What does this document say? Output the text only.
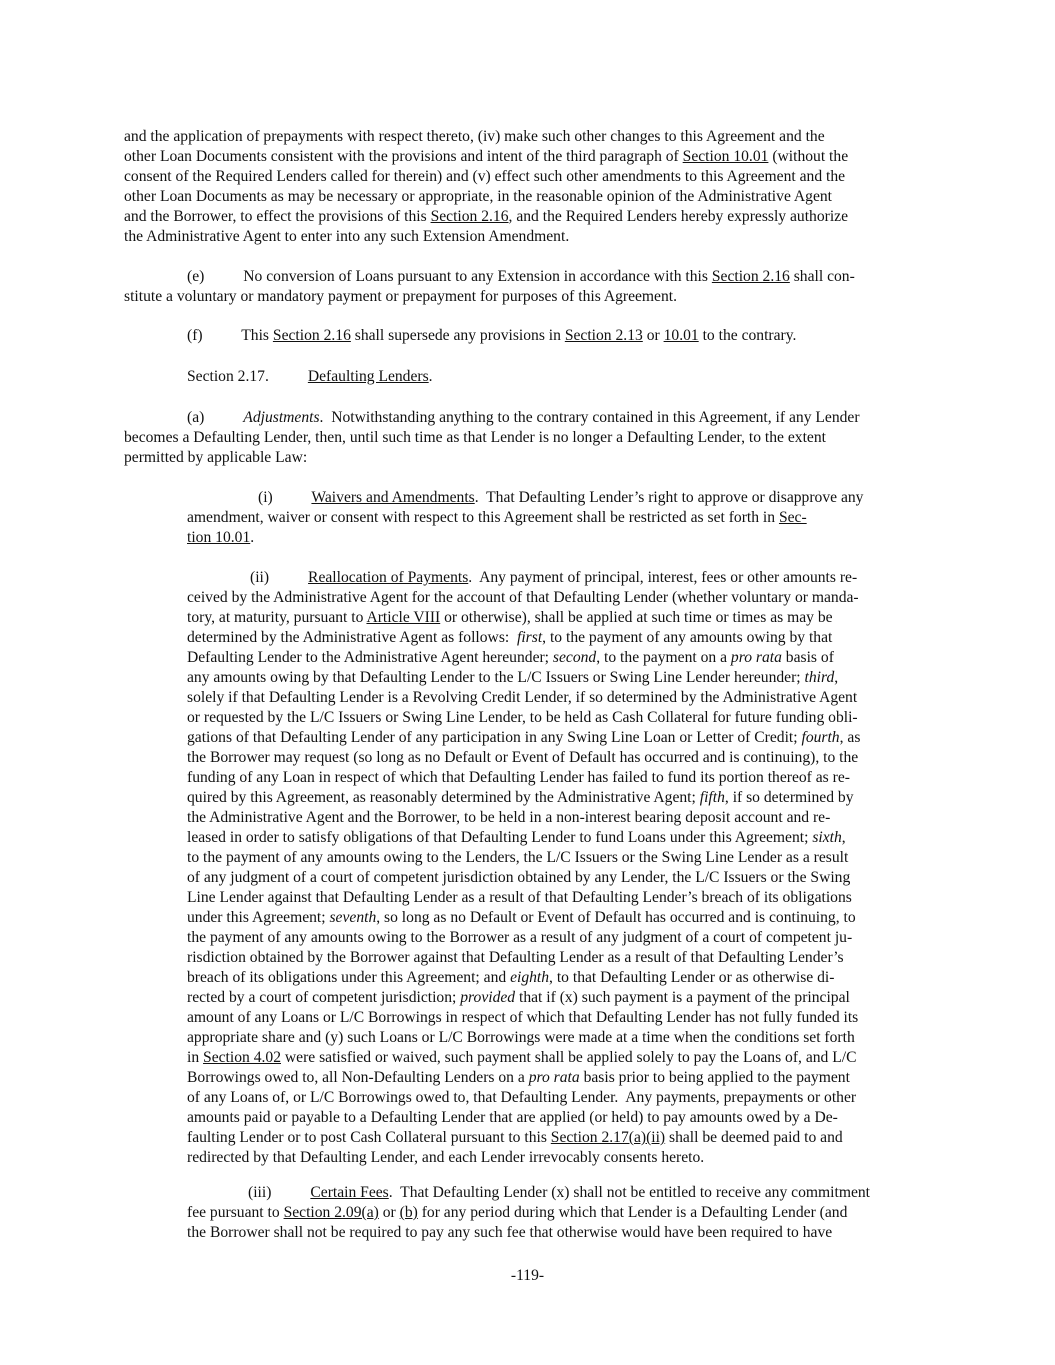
and the application of prepayments with respect thereto, (iv) make such other changes to this Agreement and the
other Loan Documents consistent with the provisions and intent of the third paragraph of Section 10.01 (without the
consent of the Required Lenders called for therein) and (v) effect such other amendments to this Agreement and the
other Loan Documents as may be necessary or appropriate, in the reasonable opinion of the Administrative Agent
and the Borrower, to effect the provisions of this Section 2.16, and the Required Lenders hereby expressly authorize
the Administrative Agent to enter into any such Extension Amendment.
(e)          No conversion of Loans pursuant to any Extension in accordance with this Section 2.16 shall con-
stitute a voluntary or mandatory payment or prepayment for purposes of this Agreement.
(f)          This Section 2.16 shall supersede any provisions in Section 2.13 or 10.01 to the contrary.
Section 2.17.          Defaulting Lenders.
(a)          Adjustments.  Notwithstanding anything to the contrary contained in this Agreement, if any Lender
becomes a Defaulting Lender, then, until such time as that Lender is no longer a Defaulting Lender, to the extent
permitted by applicable Law:
(i)          Waivers and Amendments.  That Defaulting Lender’s right to approve or disapprove any
amendment, waiver or consent with respect to this Agreement shall be restricted as set forth in Sec-
tion 10.01.
(ii)          Reallocation of Payments.  Any payment of principal, interest, fees or other amounts re-
ceived by the Administrative Agent for the account of that Defaulting Lender (whether voluntary or manda-
tory, at maturity, pursuant to Article VIII or otherwise), shall be applied at such time or times as may be
determined by the Administrative Agent as follows:  first, to the payment of any amounts owing by that
Defaulting Lender to the Administrative Agent hereunder; second, to the payment on a pro rata basis of
any amounts owing by that Defaulting Lender to the L/C Issuers or Swing Line Lender hereunder; third,
solely if that Defaulting Lender is a Revolving Credit Lender, if so determined by the Administrative Agent
or requested by the L/C Issuers or Swing Line Lender, to be held as Cash Collateral for future funding obli-
gations of that Defaulting Lender of any participation in any Swing Line Loan or Letter of Credit; fourth, as
the Borrower may request (so long as no Default or Event of Default has occurred and is continuing), to the
funding of any Loan in respect of which that Defaulting Lender has failed to fund its portion thereof as re-
quired by this Agreement, as reasonably determined by the Administrative Agent; fifth, if so determined by
the Administrative Agent and the Borrower, to be held in a non-interest bearing deposit account and re-
leased in order to satisfy obligations of that Defaulting Lender to fund Loans under this Agreement; sixth,
to the payment of any amounts owing to the Lenders, the L/C Issuers or the Swing Line Lender as a result
of any judgment of a court of competent jurisdiction obtained by any Lender, the L/C Issuers or the Swing
Line Lender against that Defaulting Lender as a result of that Defaulting Lender’s breach of its obligations
under this Agreement; seventh, so long as no Default or Event of Default has occurred and is continuing, to
the payment of any amounts owing to the Borrower as a result of any judgment of a court of competent ju-
risdiction obtained by the Borrower against that Defaulting Lender as a result of that Defaulting Lender’s
breach of its obligations under this Agreement; and eighth, to that Defaulting Lender or as otherwise di-
rected by a court of competent jurisdiction; provided that if (x) such payment is a payment of the principal
amount of any Loans or L/C Borrowings in respect of which that Defaulting Lender has not fully funded its
appropriate share and (y) such Loans or L/C Borrowings were made at a time when the conditions set forth
in Section 4.02 were satisfied or waived, such payment shall be applied solely to pay the Loans of, and L/C
Borrowings owed to, all Non-Defaulting Lenders on a pro rata basis prior to being applied to the payment
of any Loans of, or L/C Borrowings owed to, that Defaulting Lender.  Any payments, prepayments or other
amounts paid or payable to a Defaulting Lender that are applied (or held) to pay amounts owed by a De-
faulting Lender or to post Cash Collateral pursuant to this Section 2.17(a)(ii) shall be deemed paid to and
redirected by that Defaulting Lender, and each Lender irrevocably consents hereto.
(iii)          Certain Fees.  That Defaulting Lender (x) shall not be entitled to receive any commitment
fee pursuant to Section 2.09(a) or (b) for any period during which that Lender is a Defaulting Lender (and
the Borrower shall not be required to pay any such fee that otherwise would have been required to have
-119-
